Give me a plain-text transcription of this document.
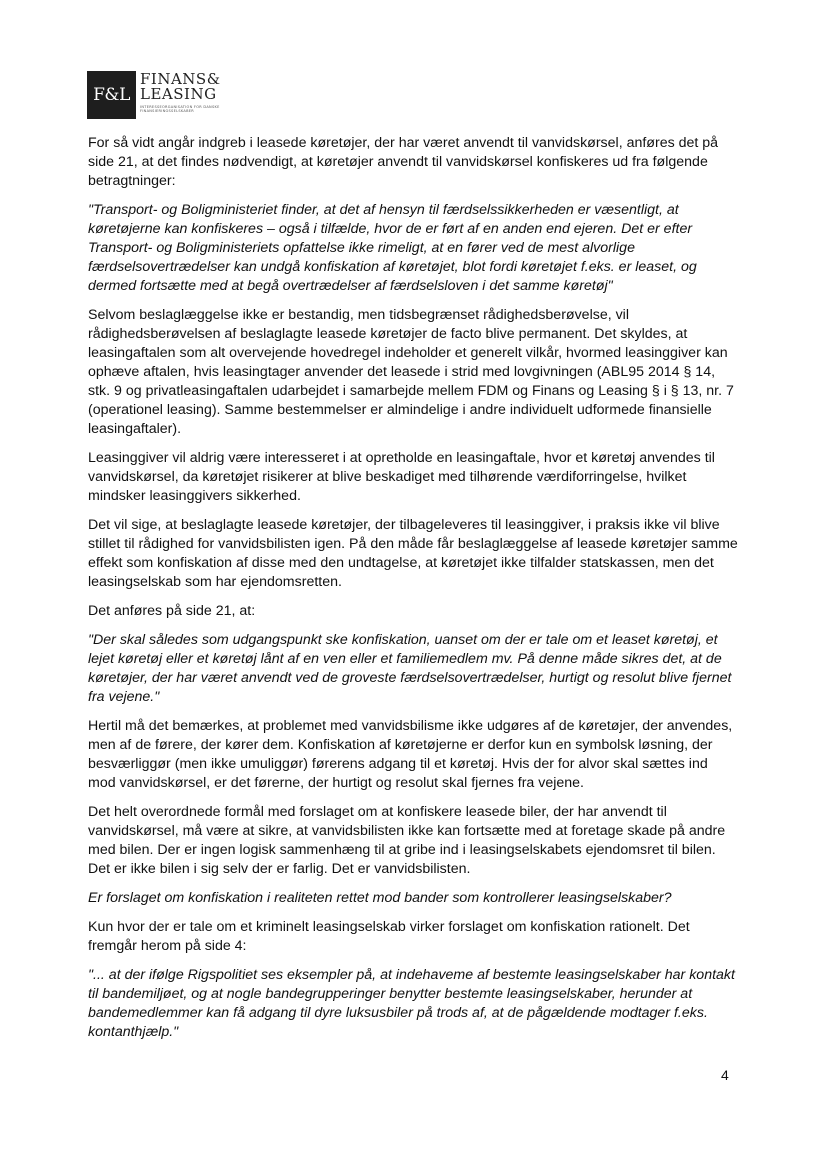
F&L
FINANS&
LEASING
INTERESSEORGANISATION FOR DANSKE FINANSIERINGSSELSKABER

For så vidt angår indgreb i leasede køretøjer, der har været anvendt til vanvidskørsel, anføres det på side 21, at det findes nødvendigt, at køretøjer anvendt til vanvidskørsel konfiskeres ud fra følgende betragtninger:

"Transport- og Boligministeriet finder, at det af hensyn til færdselssikkerheden er væsentligt, at køretøjerne kan konfiskeres – også i tilfælde, hvor de er ført af en anden end ejeren. Det er efter Transport- og Boligministeriets opfattelse ikke rimeligt, at en fører ved de mest alvorlige færdselsovertrædelser kan undgå konfiskation af køretøjet, blot fordi køretøjet f.eks. er leaset, og dermed fortsætte med at begå overtrædelser af færdselsloven i det samme køretøj"

Selvom beslaglæggelse ikke er bestandig, men tidsbegrænset rådighedsberøvelse, vil rådighedsberøvelsen af beslaglagte leasede køretøjer de facto blive permanent. Det skyldes, at leasingaftalen som alt overvejende hovedregel indeholder et generelt vilkår, hvormed leasinggiver kan ophæve aftalen, hvis leasingtager anvender det leasede i strid med lovgivningen (ABL95 2014 § 14, stk. 9 og privatleasingaftalen udarbejdet i samarbejde mellem FDM og Finans og Leasing § i § 13, nr. 7 (operationel leasing). Samme bestemmelser er almindelige i andre individuelt udformede finansielle leasingaftaler).

Leasinggiver vil aldrig være interesseret i at opretholde en leasingaftale, hvor et køretøj anvendes til vanvidskørsel, da køretøjet risikerer at blive beskadiget med tilhørende værdiforringelse, hvilket mindsker leasinggivers sikkerhed.

Det vil sige, at beslaglagte leasede køretøjer, der tilbageleveres til leasinggiver, i praksis ikke vil blive stillet til rådighed for vanvidsbilisten igen. På den måde får beslaglæggelse af leasede køretøjer samme effekt som konfiskation af disse med den undtagelse, at køretøjet ikke tilfalder statskassen, men det leasingselskab som har ejendomsretten.

Det anføres på side 21, at:

"Der skal således som udgangspunkt ske konfiskation, uanset om der er tale om et leaset køretøj, et lejet køretøj eller et køretøj lånt af en ven eller et familiemedlem mv. På denne måde sikres det, at de køretøjer, der har været anvendt ved de groveste færdselsovertrædelser, hurtigt og resolut blive fjernet fra vejene."

Hertil må det bemærkes, at problemet med vanvidsbilisme ikke udgøres af de køretøjer, der anvendes, men af de førere, der kører dem. Konfiskation af køretøjerne er derfor kun en symbolsk løsning, der besværliggør (men ikke umuliggør) førerens adgang til et køretøj. Hvis der for alvor skal sættes ind mod vanvidskørsel, er det førerne, der hurtigt og resolut skal fjernes fra vejene.

Det helt overordnede formål med forslaget om at konfiskere leasede biler, der har anvendt til vanvidskørsel, må være at sikre, at vanvidsbilisten ikke kan fortsætte med at foretage skade på andre med bilen. Der er ingen logisk sammenhæng til at gribe ind i leasingselskabets ejendomsret til bilen. Det er ikke bilen i sig selv der er farlig. Det er vanvidsbilisten.

Er forslaget om konfiskation i realiteten rettet mod bander som kontrollerer leasingselskaber?

Kun hvor der er tale om et kriminelt leasingselskab virker forslaget om konfiskation rationelt. Det fremgår herom på side 4:

"... at der ifølge Rigspolitiet ses eksempler på, at indehaveme af bestemte leasingselskaber har kontakt til bandemiljøet, og at nogle bandegrupperinger benytter bestemte leasingselskaber, herunder at bandemedlemmer kan få adgang til dyre luksusbiler på trods af, at de pågældende modtager f.eks. kontanthjælp."

4
